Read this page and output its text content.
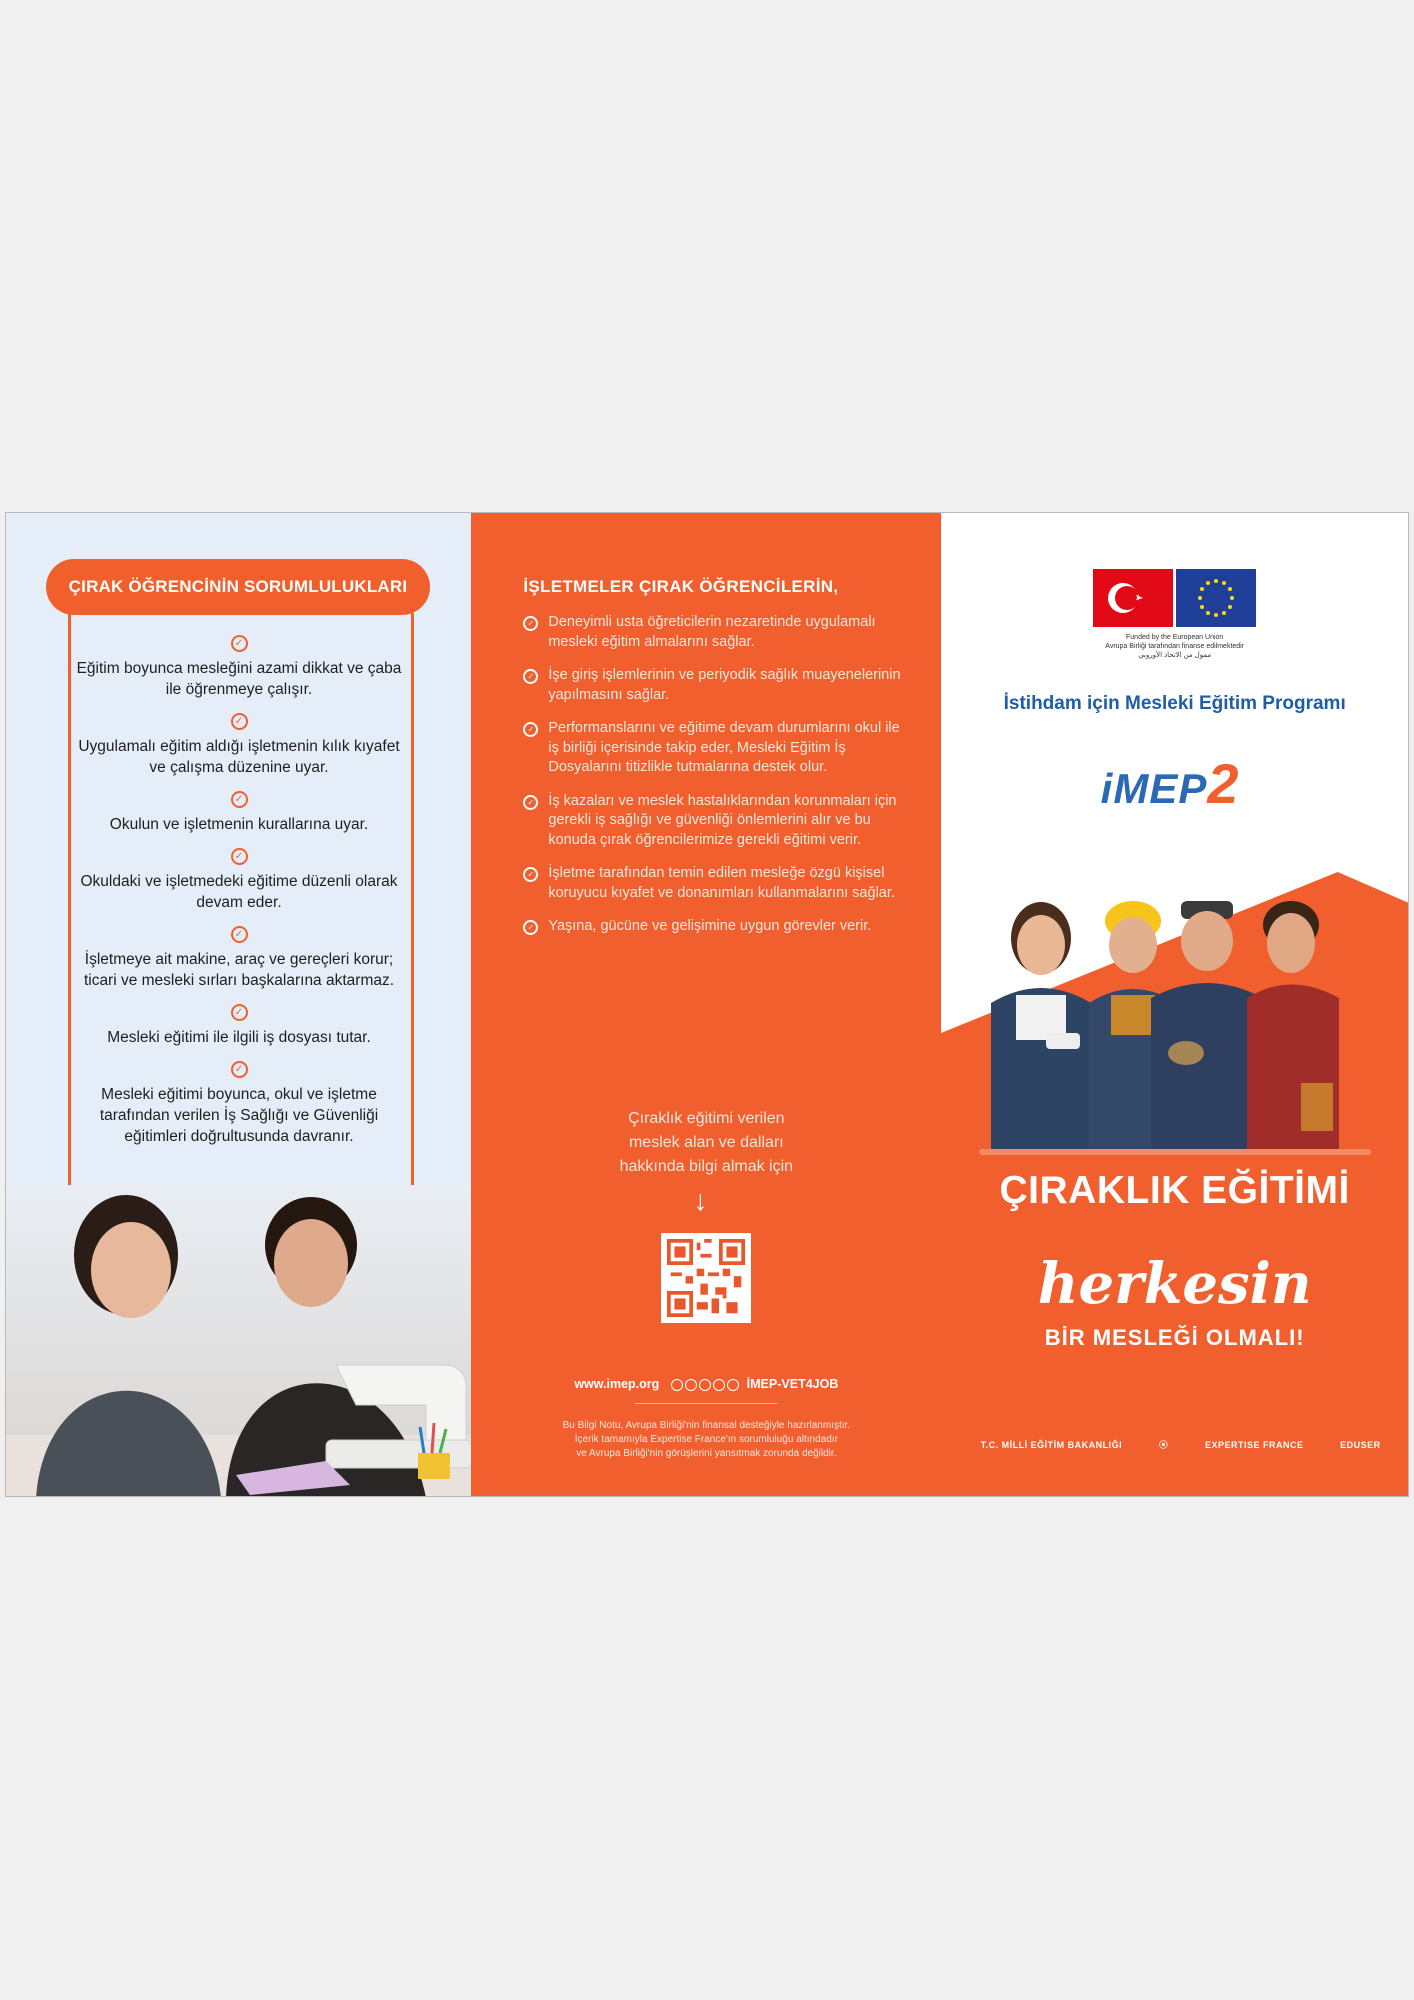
ÇIRAK ÖĞRENCİNİN SORUMLULUKLARI
✓
Eğitim boyunca mesleğini azami dikkat ve çaba ile öğrenmeye çalışır.
✓
Uygulamalı eğitim aldığı işletmenin kılık kıyafet ve çalışma düzenine uyar.
✓
Okulun ve işletmenin kurallarına uyar.
✓
Okuldaki ve işletmedeki eğitime düzenli olarak devam eder.
✓
İşletmeye ait makine, araç ve gereçleri korur; ticari ve mesleki sırları başkalarına aktarmaz.
✓
Mesleki eğitimi ile ilgili iş dosyası tutar.
✓
Mesleki eğitimi boyunca, okul ve işletme tarafından verilen İş Sağlığı ve Güvenliği eğitimleri doğrultusunda davranır.
İŞLETMELER ÇIRAK ÖĞRENCİLERİN,
✓ Deneyimli usta öğreticilerin nezaretinde uygulamalı mesleki eğitim almalarını sağlar.
✓ İşe giriş işlemlerinin ve periyodik sağlık muayenelerinin yapılmasını sağlar.
✓ Performanslarını ve eğitime devam durumlarını okul ile iş birliği içerisinde takip eder, Mesleki Eğitim İş Dosyalarını titizlikle tutmalarına destek olur.
✓ İş kazaları ve meslek hastalıklarından korunmaları için gerekli iş sağlığı ve güvenliği önlemlerini alır ve bu konuda çırak öğrencilerimize gerekli eğitimi verir.
✓ İşletme tarafından temin edilen mesleğe özgü kişisel koruyucu kıyafet ve donanımları kullanmalarını sağlar.
✓ Yaşına, gücüne ve gelişimine uygun görevler verir.
Çıraklık eğitimi verilen
meslek alan ve dalları
hakkında bilgi almak için
↓
www.imep.org	İMEP-VET4JOB
Bu Bilgi Notu, Avrupa Birliği'nin finansal desteğiyle hazırlanmıştır.
İçerik tamamıyla Expertise France'ın sorumluluğu altındadır
ve Avrupa Birliği'nin görüşlerini yansıtmak zorunda değildir.
Funded by the European Union
Avrupa Birliği tarafından finanse edilmektedir
ممول من الاتحاد الأوروبي
İstihdam için Mesleki Eğitim Programı
iMEP2
ÇIRAKLIK EĞİTİMİ
herkesin
BİR MESLEĞİ OLMALI!
T.C. MİLLİ EĞİTİM BAKANLIĞI	⦿	EXPERTISE FRANCE	EDUSER
